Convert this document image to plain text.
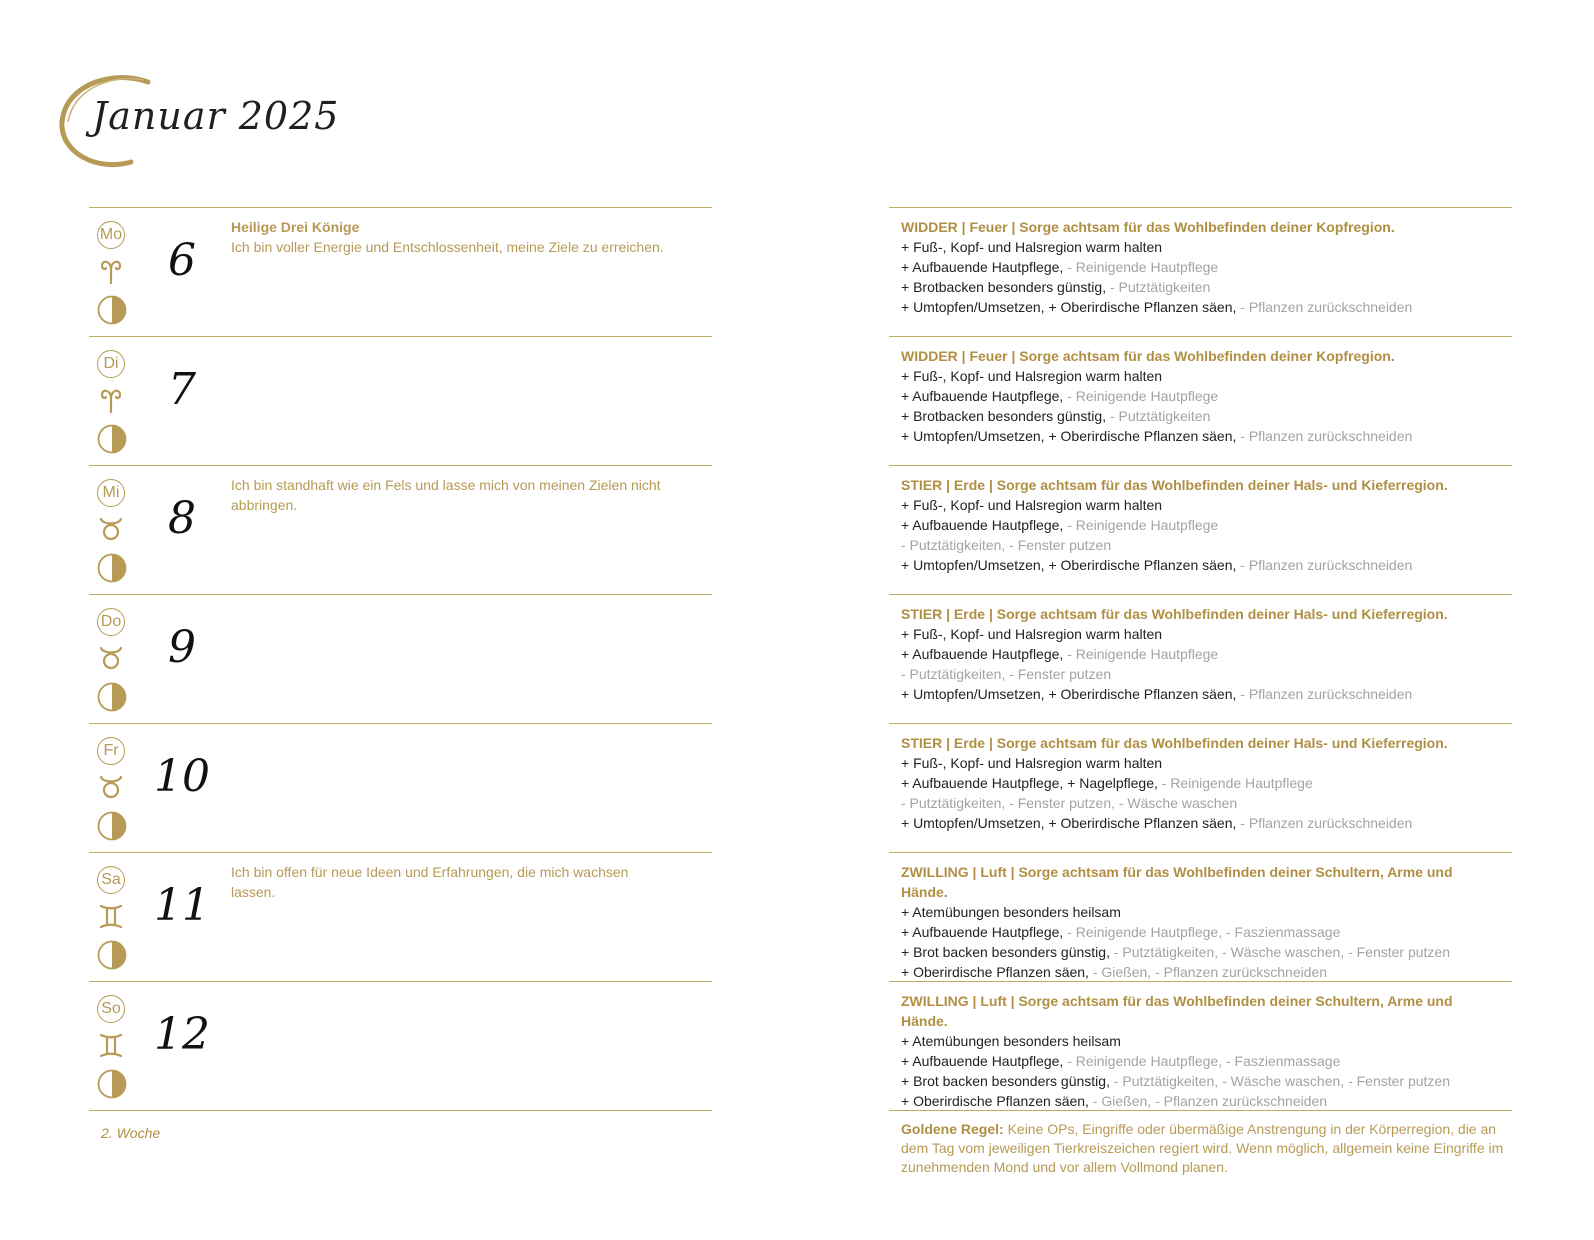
Januar 2025
Mo
6
Heilige Drei Könige
Ich bin voller Energie und Entschlossenheit, meine Ziele zu erreichen.
Di
7
Mi
8
Ich bin standhaft wie ein Fels und lasse mich von meinen Zielen nicht abbringen.
Do
9
Fr
10
Sa
11
Ich bin offen für neue Ideen und Erfahrungen, die mich wachsen lassen.
So
12
WIDDER | Feuer | Sorge achtsam für das Wohlbefinden deiner Kopfregion.
+ Fuß-, Kopf- und Halsregion warm halten
+ Aufbauende Hautpflege, - Reinigende Hautpflege
+ Brotbacken besonders günstig, - Putztätigkeiten
+ Umtopfen/Umsetzen, + Oberirdische Pflanzen säen, - Pflanzen zurückschneiden
WIDDER | Feuer | Sorge achtsam für das Wohlbefinden deiner Kopfregion.
+ Fuß-, Kopf- und Halsregion warm halten
+ Aufbauende Hautpflege, - Reinigende Hautpflege
+ Brotbacken besonders günstig, - Putztätigkeiten
+ Umtopfen/Umsetzen, + Oberirdische Pflanzen säen, - Pflanzen zurückschneiden
STIER | Erde | Sorge achtsam für das Wohlbefinden deiner Hals- und Kieferregion.
+ Fuß-, Kopf- und Halsregion warm halten
+ Aufbauende Hautpflege, - Reinigende Hautpflege
- Putztätigkeiten, - Fenster putzen
+ Umtopfen/Umsetzen, + Oberirdische Pflanzen säen, - Pflanzen zurückschneiden
STIER | Erde | Sorge achtsam für das Wohlbefinden deiner Hals- und Kieferregion.
+ Fuß-, Kopf- und Halsregion warm halten
+ Aufbauende Hautpflege, - Reinigende Hautpflege
- Putztätigkeiten, - Fenster putzen
+ Umtopfen/Umsetzen, + Oberirdische Pflanzen säen, - Pflanzen zurückschneiden
STIER | Erde | Sorge achtsam für das Wohlbefinden deiner Hals- und Kieferregion.
+ Fuß-, Kopf- und Halsregion warm halten
+ Aufbauende Hautpflege, + Nagelpflege, - Reinigende Hautpflege
- Putztätigkeiten, - Fenster putzen, - Wäsche waschen
+ Umtopfen/Umsetzen, + Oberirdische Pflanzen säen, - Pflanzen zurückschneiden
ZWILLING | Luft | Sorge achtsam für das Wohlbefinden deiner Schultern, Arme und Hände.
+ Atemübungen besonders heilsam
+ Aufbauende Hautpflege, - Reinigende Hautpflege, - Faszienmassage
+ Brot backen besonders günstig, - Putztätigkeiten, - Wäsche waschen, - Fenster putzen
+ Oberirdische Pflanzen säen, - Gießen, - Pflanzen zurückschneiden
ZWILLING | Luft | Sorge achtsam für das Wohlbefinden deiner Schultern, Arme und Hände.
+ Atemübungen besonders heilsam
+ Aufbauende Hautpflege, - Reinigende Hautpflege, - Faszienmassage
+ Brot backen besonders günstig, - Putztätigkeiten, - Wäsche waschen, - Fenster putzen
+ Oberirdische Pflanzen säen, - Gießen, - Pflanzen zurückschneiden
2. Woche	Goldene Regel: Keine OPs, Eingriffe oder übermäßige Anstrengung in der Körperregion, die an dem Tag vom jeweiligen Tierkreiszeichen regiert wird. Wenn möglich, allgemein keine Eingriffe im zunehmenden Mond und vor allem Vollmond planen.
